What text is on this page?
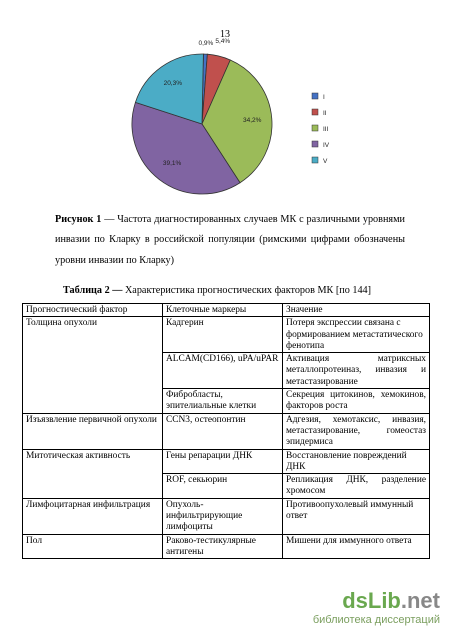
13
0,9% 5,4%
34,2%
39,1%
20,3%
I
II
III
IV
V
Рисунок 1 — Частота диагностированных случаев МК с различными уровнями инвазии по Кларку в российской популяции (римскими цифрами обозначены уровни инвазии по Кларку)
Таблица 2 — Характеристика прогностических факторов МК [по 144]
Прогностический фактор	Клеточные маркеры	Значение
Толщина опухоли	Кадгерин	Потеря экспрессии связана с формированием метастатического фенотипа
	ALCAM(CD166), uPA/uPAR	Активация матриксных металлопротеиназ, инвазия и метастазирование
	Фибробласты, эпителиальные клетки	Секреция цитокинов, хемокинов, факторов роста
Изъязвление первичной опухоли	CCN3, остеопонтин	Адгезия, хемотаксис, инвазия, метастазирование, гомеостаз эпидермиса
Митотическая активность	Гены репарации ДНК	Восстановление повреждений ДНК
	ROF, секьюрин	Репликация ДНК, разделение хромосом
Лимфоцитарная инфильтрация	Опухоль-инфильтрирующие лимфоциты	Противоопухолевый иммунный ответ
Пол	Раково-тестикулярные антигены	Мишени для иммунного ответа
dsLib.net
библиотека диссертаций
